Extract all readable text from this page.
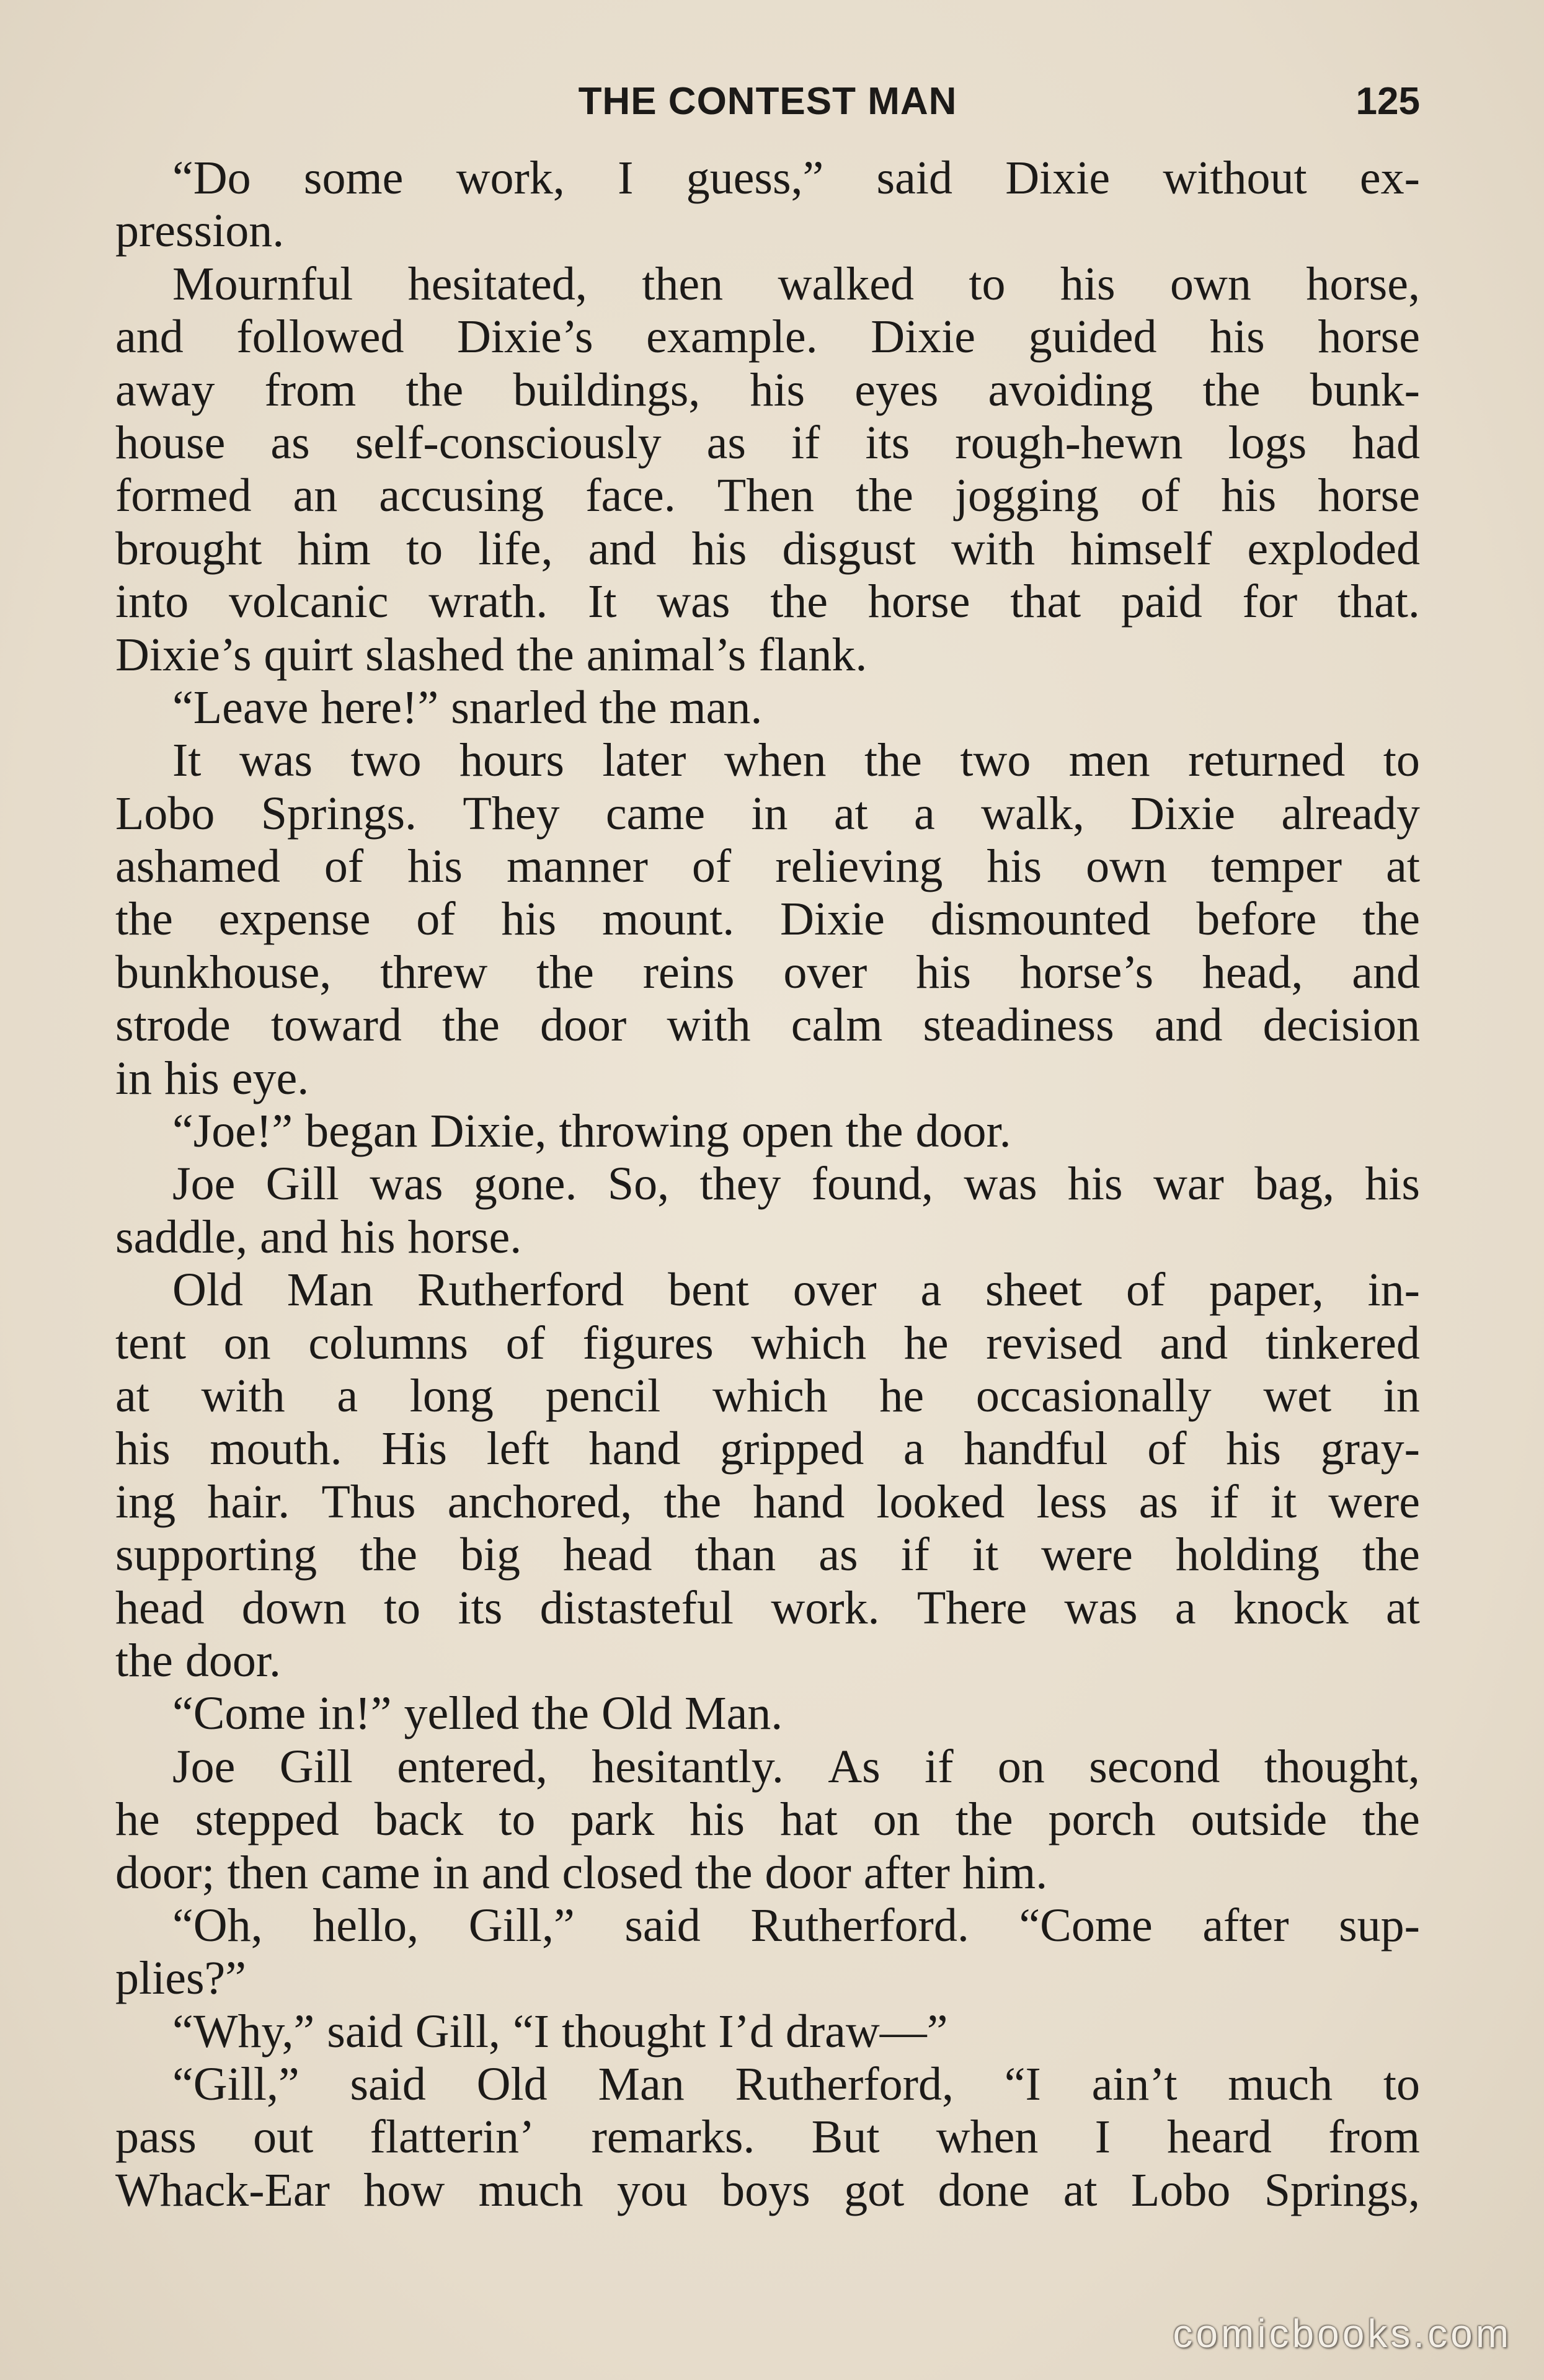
THE CONTEST MAN	125
“Do some work, I guess,” said Dixie without ex-
pression.
Mournful hesitated, then walked to his own horse,
and followed Dixie’s example. Dixie guided his horse
away from the buildings, his eyes avoiding the bunk-
house as self-consciously as if its rough-hewn logs had
formed an accusing face. Then the jogging of his horse
brought him to life, and his disgust with himself exploded
into volcanic wrath. It was the horse that paid for that.
Dixie’s quirt slashed the animal’s flank.
“Leave here!” snarled the man.
It was two hours later when the two men returned to
Lobo Springs. They came in at a walk, Dixie already
ashamed of his manner of relieving his own temper at
the expense of his mount. Dixie dismounted before the
bunkhouse, threw the reins over his horse’s head, and
strode toward the door with calm steadiness and decision
in his eye.
“Joe!” began Dixie, throwing open the door.
Joe Gill was gone. So, they found, was his war bag, his
saddle, and his horse.
Old Man Rutherford bent over a sheet of paper, in-
tent on columns of figures which he revised and tinkered
at with a long pencil which he occasionally wet in
his mouth. His left hand gripped a handful of his gray-
ing hair. Thus anchored, the hand looked less as if it were
supporting the big head than as if it were holding the
head down to its distasteful work. There was a knock at
the door.
“Come in!” yelled the Old Man.
Joe Gill entered, hesitantly. As if on second thought,
he stepped back to park his hat on the porch outside the
door; then came in and closed the door after him.
“Oh, hello, Gill,” said Rutherford. “Come after sup-
plies?”
“Why,” said Gill, “I thought I’d draw—”
“Gill,” said Old Man Rutherford, “I ain’t much to
pass out flatterin’ remarks. But when I heard from
Whack-Ear how much you boys got done at Lobo Springs,
comicbooks.com
